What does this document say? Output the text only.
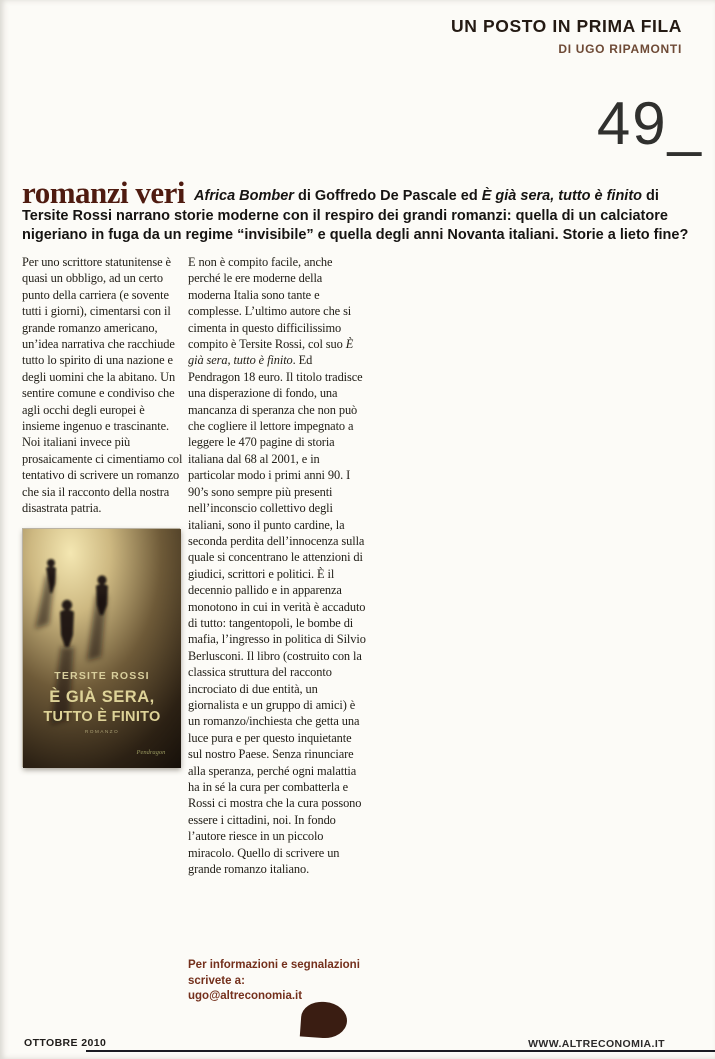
UN POSTO IN PRIMA FILA
DI UGO RIPAMONTI
49_

romanzi veri Africa Bomber di Goffredo De Pascale ed È già sera, tutto è finito di Tersite Rossi narrano storie moderne con il respiro dei grandi romanzi: quella di un calciatore nigeriano in fuga da un regime “invisibile” e quella degli anni Novanta italiani. Storie a lieto fine?

Per uno scrittore statunitense è quasi un obbligo, ad un certo punto della carriera (e sovente tutti i giorni), cimentarsi con il grande romanzo americano, un’idea narrativa che racchiude tutto lo spirito di una nazione e degli uomini che la abitano. Un sentire comune e condiviso che agli occhi degli europei è insieme ingenuo e trascinante. Noi italiani invece più prosaicamente ci cimentiamo col tentativo di scrivere un romanzo che sia il racconto della nostra disastrata patria.

TERSITE ROSSI
È GIÀ SERA,
TUTTO È FINITO
ROMANZO
Pendragon

E non è compito facile, anche perché le ere moderne della moderna Italia sono tante e complesse. L’ultimo autore che si cimenta in questo difficilissimo compito è Tersite Rossi, col suo È già sera, tutto è finito. Ed Pendragon 18 euro. Il titolo tradisce una disperazione di fondo, una mancanza di speranza che non può che cogliere il lettore impegnato a leggere le 470 pagine di storia italiana dal 68 al 2001, e in particolar modo i primi anni 90. I 90’s sono sempre più presenti nell’inconscio collettivo degli italiani, sono il punto cardine, la seconda perdita dell’innocenza sulla quale si concentrano le attenzioni di giudici, scrittori e politici. È il decennio pallido e in apparenza monotono in cui in verità è accaduto di tutto: tangentopoli, le bombe di mafia, l’ingresso in politica di Silvio Berlusconi. Il libro (costruito con la classica struttura del racconto incrociato di due entità, un giornalista e un gruppo di amici) è un romanzo/inchiesta che getta una luce pura e per questo inquietante sul nostro Paese. Senza rinunciare alla speranza, perché ogni malattia ha in sé la cura per combatterla e Rossi ci mostra che la cura possono essere i cittadini, noi. In fondo l’autore riesce in un piccolo miracolo. Quello di scrivere un grande romanzo italiano.

Per informazioni e segnalazioni
scrivete a:
ugo@altreconomia.it
OTTOBRE 2010	WWW.ALTRECONOMIA.IT
